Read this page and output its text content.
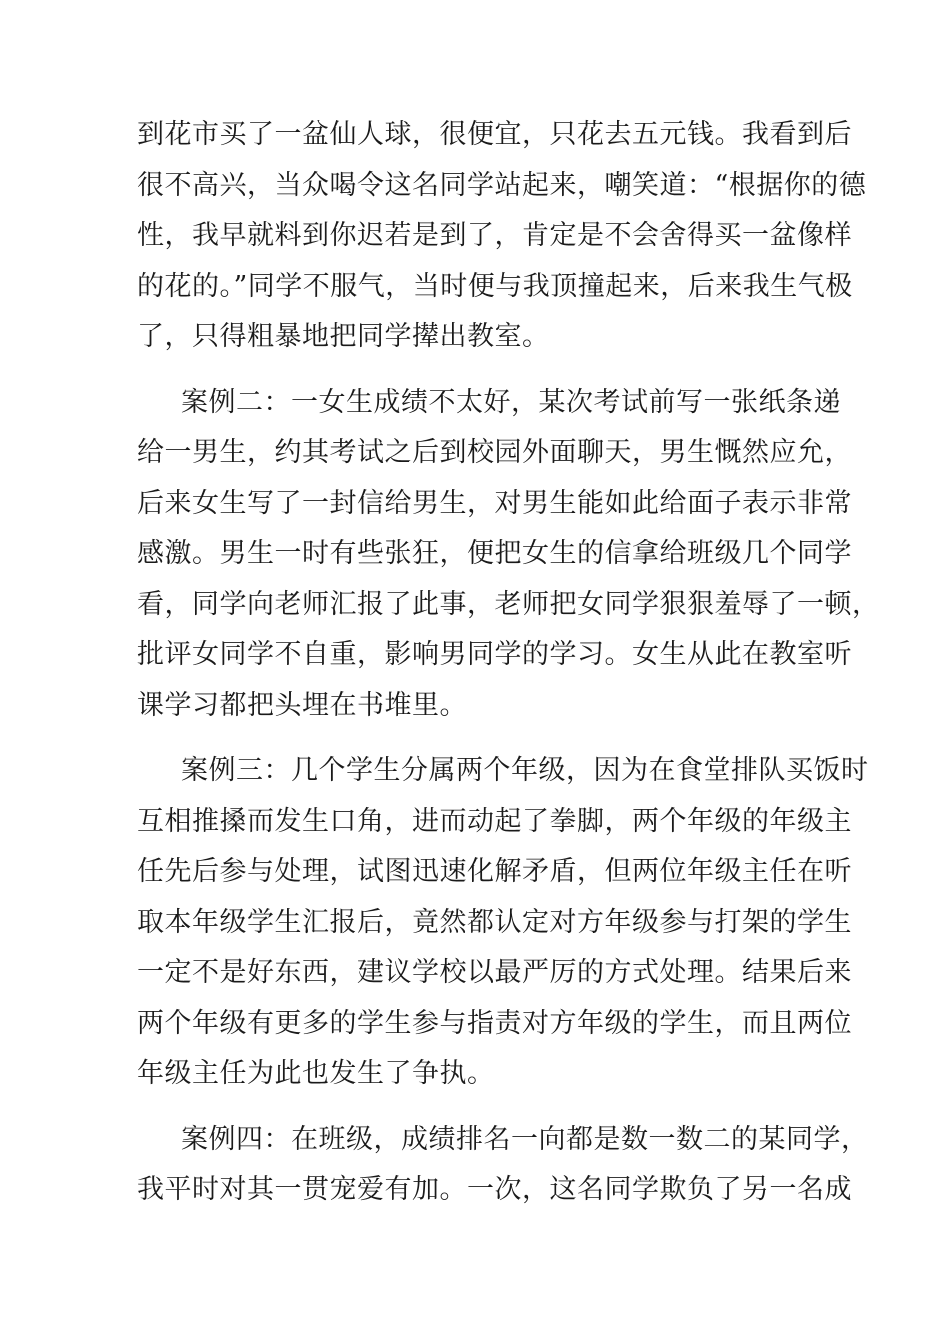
到花市买了一盆仙人球，很便宜，只花去五元钱。我看到后
很不高兴，当众喝令这名同学站起来，嘲笑道：“根据你的德
性，我早就料到你迟若是到了，肯定是不会舍得买一盆像样
的花的。”同学不服气，当时便与我顶撞起来，后来我生气极
了，只得粗暴地把同学撵出教室。
案例二：一女生成绩不太好，某次考试前写一张纸条递
给一男生，约其考试之后到校园外面聊天，男生慨然应允，
后来女生写了一封信给男生，对男生能如此给面子表示非常
感激。男生一时有些张狂，便把女生的信拿给班级几个同学
看，同学向老师汇报了此事，老师把女同学狠狠羞辱了一顿，
批评女同学不自重，影响男同学的学习。女生从此在教室听
课学习都把头埋在书堆里。
案例三：几个学生分属两个年级，因为在食堂排队买饭时
互相推搡而发生口角，进而动起了拳脚，两个年级的年级主
任先后参与处理，试图迅速化解矛盾，但两位年级主任在听
取本年级学生汇报后，竟然都认定对方年级参与打架的学生
一定不是好东西，建议学校以最严厉的方式处理。结果后来
两个年级有更多的学生参与指责对方年级的学生，而且两位
年级主任为此也发生了争执。
案例四：在班级，成绩排名一向都是数一数二的某同学，
我平时对其一贯宠爱有加。一次，这名同学欺负了另一名成
